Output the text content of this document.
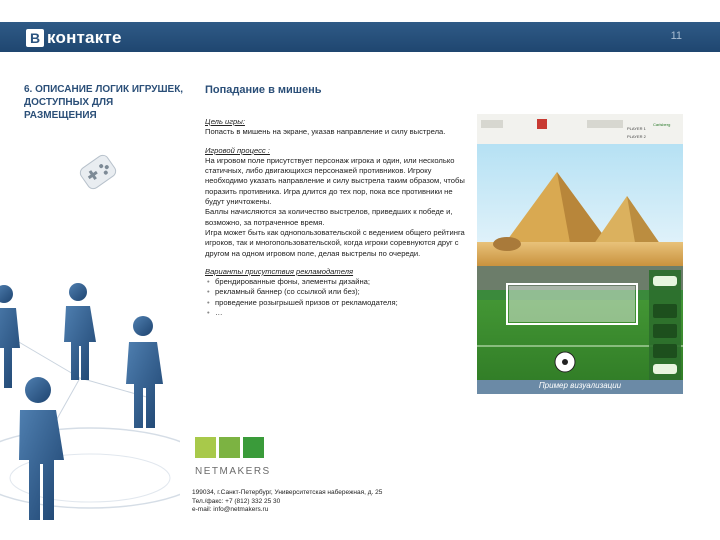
В контакте	11
6. ОПИСАНИЕ ЛОГИК ИГРУШЕК, ДОСТУПНЫХ ДЛЯ РАЗМЕЩЕНИЯ
Попадание в мишень

Цель игры:

Попасть в мишень на экране, указав направление и силу выстрела.

Игровой процесс :

На игровом поле присутствует персонаж игрока и один, или несколько статичных, либо двигающихся персонажей противников. Игроку необходимо указать направление и силу выстрела таким образом, чтобы поразить противника. Игра длится до тех пор, пока все противники не будут уничтожены.

Баллы начисляются за количество выстрелов, приведших к победе и, возможно, за потраченное время.

Игра может быть как однопользовательской с ведением общего рейтинга игроков, так и многопользовательской, когда игроки соревнуются друг с другом на одном игровом поле, делая выстрелы по очереди.

Варианты присутствия рекламодателя

• брендированные фоны, элементы дизайна;
• рекламный баннер (со ссылкой или без);
• проведение розыгрышей призов от рекламодателя;
• …
NETMAKERS
199034, г.Санкт-Петербург, Университетская набережная, д. 25
Тел./факс: +7 (812) 332 25 30
e-mail: info@netmakers.ru
PLAYER 1
PLAYER 2
Carlsberg
Пример визуализации
